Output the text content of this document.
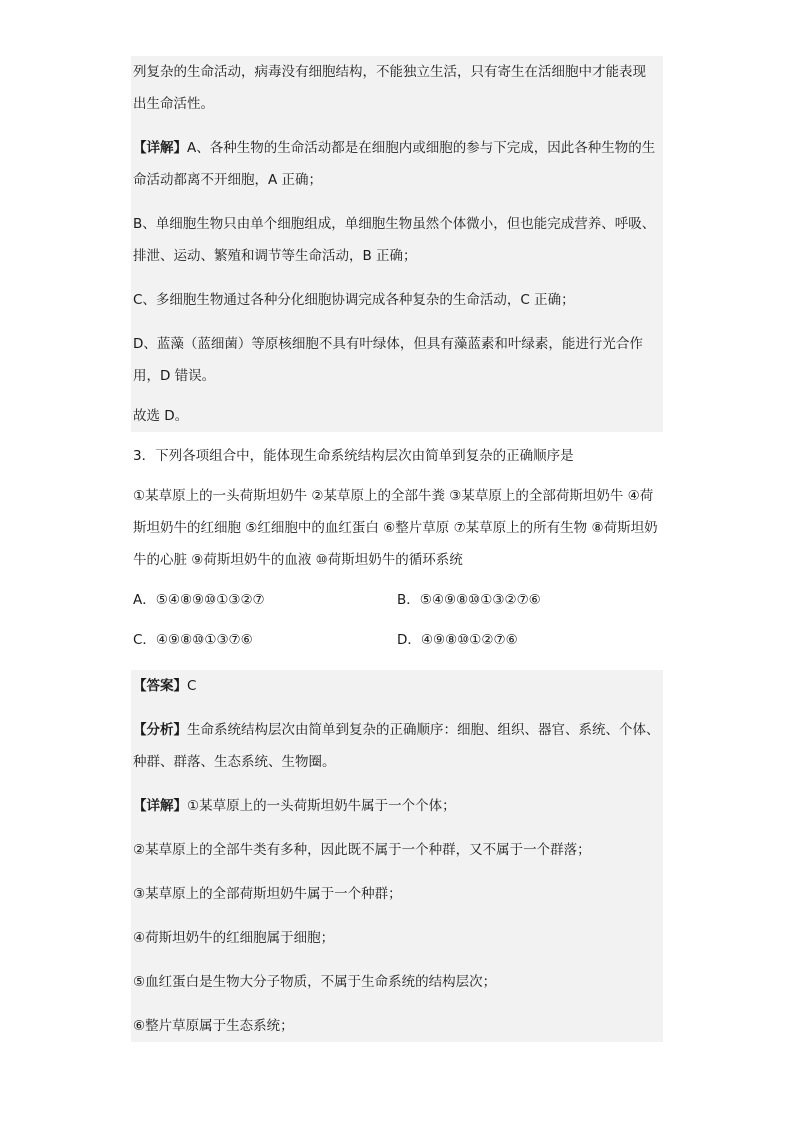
列复杂的生命活动，病毒没有细胞结构，不能独立生活，只有寄生在活细胞中才能表现
出生命活性。

【详解】A、各种生物的生命活动都是在细胞内或细胞的参与下完成，因此各种生物的生命活动都离不开细胞，A 正确；

B、单细胞生物只由单个细胞组成，单细胞生物虽然个体微小，但也能完成营养、呼吸、排泄、运动、繁殖和调节等生命活动，B 正确；

C、多细胞生物通过各种分化细胞协调完成各种复杂的生命活动，C 正确；

D、蓝藻（蓝细菌）等原核细胞不具有叶绿体，但具有藻蓝素和叶绿素，能进行光合作用，D 错误。

故选 D。

3．下列各项组合中，能体现生命系统结构层次由简单到复杂的正确顺序是

①某草原上的一头荷斯坦奶牛 ②某草原上的全部牛粪 ③某草原上的全部荷斯坦奶牛 ④荷斯坦奶牛的红细胞 ⑤红细胞中的血红蛋白 ⑥整片草原 ⑦某草原上的所有生物 ⑧荷斯坦奶牛的心脏 ⑨荷斯坦奶牛的血液 ⑩荷斯坦奶牛的循环系统

A．⑤④⑧⑨⑩①③②⑦	B．⑤④⑨⑧⑩①③②⑦⑥
C．④⑨⑧⑩①③⑦⑥	D．④⑨⑧⑩①②⑦⑥

【答案】C

【分析】生命系统结构层次由简单到复杂的正确顺序：细胞、组织、器官、系统、个体、种群、群落、生态系统、生物圈。

【详解】①某草原上的一头荷斯坦奶牛属于一个个体；

②某草原上的全部牛类有多种，因此既不属于一个种群，又不属于一个群落；

③某草原上的全部荷斯坦奶牛属于一个种群；

④荷斯坦奶牛的红细胞属于细胞；

⑤血红蛋白是生物大分子物质，不属于生命系统的结构层次；

⑥整片草原属于生态系统；
